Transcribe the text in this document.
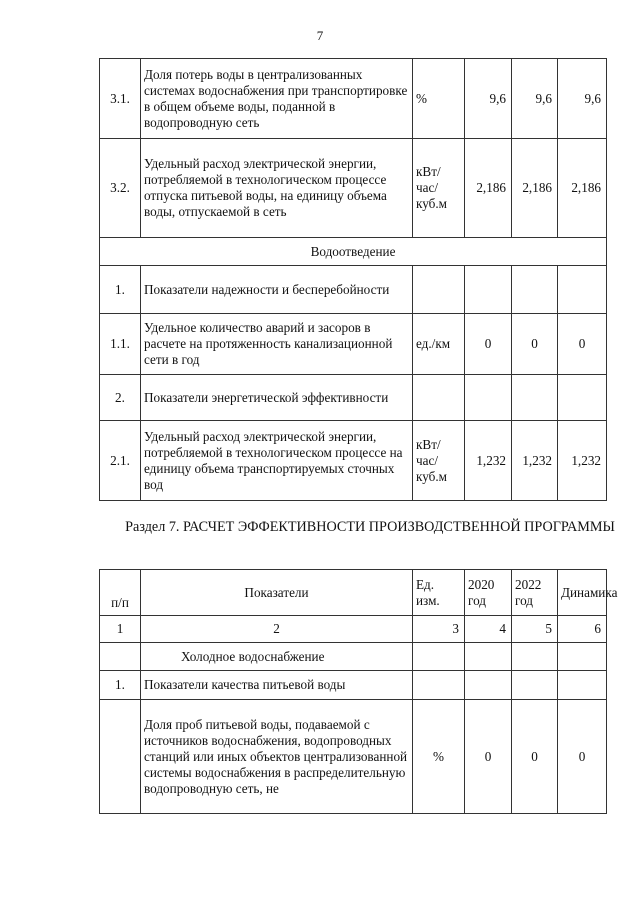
7
3.1.	Доля потерь воды в централизованных системах водоснабжения при транспортировке в общем объеме воды, поданной в водопроводную сеть	%	9,6	9,6	9,6
3.2.	Удельный расход электрической энергии, потребляемой в технологическом процессе отпуска питьевой воды, на единицу объема воды, отпускаемой в сеть	кВт/час/куб.м	2,186	2,186	2,186
Водоотведение					
1.	Показатели надежности и бесперебойности				
1.1.	Удельное количество аварий и засоров в расчете на протяженность канализационной сети в год	ед./км	0	0	0
2.	Показатели энергетической эффективности				
2.1.	Удельный расход электрической энергии, потребляемой в технологическом процессе на единицу объема транспортируемых сточных вод	кВт/час/куб.м	1,232	1,232	1,232
Раздел 7. РАСЧЕТ ЭФФЕКТИВНОСТИ ПРОИЗВОДСТВЕННОЙ ПРОГРАММЫ
п/п	Показатели	Ед. изм.	2020 год	2022 год	Динамика
1	2	3	4	5	6
	Холодное водоснабжение				
1.	Показатели качества питьевой воды				
	Доля проб питьевой воды, подаваемой с источников водоснабжения, водопроводных станций или иных объектов централизованной системы водоснабжения в распределительную водопроводную сеть, не	%	0	0	0
